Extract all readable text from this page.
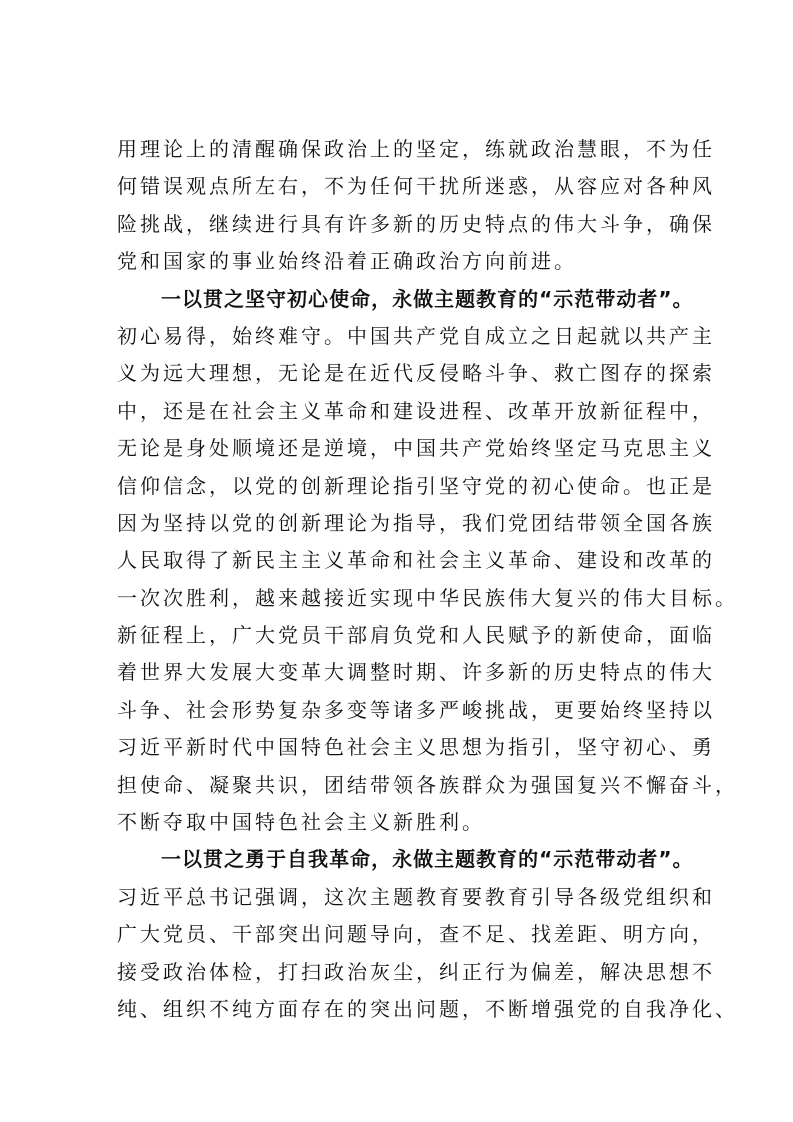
用理论上的清醒确保政治上的坚定，练就政治慧眼，不为任
何错误观点所左右，不为任何干扰所迷惑，从容应对各种风
险挑战，继续进行具有许多新的历史特点的伟大斗争，确保
党和国家的事业始终沿着正确政治方向前进。
一以贯之坚守初心使命，永做主题教育的“示范带动者”。
初心易得，始终难守。中国共产党自成立之日起就以共产主
义为远大理想，无论是在近代反侵略斗争、救亡图存的探索
中，还是在社会主义革命和建设进程、改革开放新征程中，
无论是身处顺境还是逆境，中国共产党始终坚定马克思主义
信仰信念，以党的创新理论指引坚守党的初心使命。也正是
因为坚持以党的创新理论为指导，我们党团结带领全国各族
人民取得了新民主主义革命和社会主义革命、建设和改革的
一次次胜利，越来越接近实现中华民族伟大复兴的伟大目标。
新征程上，广大党员干部肩负党和人民赋予的新使命，面临
着世界大发展大变革大调整时期、许多新的历史特点的伟大
斗争、社会形势复杂多变等诸多严峻挑战，更要始终坚持以
习近平新时代中国特色社会主义思想为指引，坚守初心、勇
担使命、凝聚共识，团结带领各族群众为强国复兴不懈奋斗，
不断夺取中国特色社会主义新胜利。
一以贯之勇于自我革命，永做主题教育的“示范带动者”。
习近平总书记强调，这次主题教育要教育引导各级党组织和
广大党员、干部突出问题导向，查不足、找差距、明方向，
接受政治体检，打扫政治灰尘，纠正行为偏差，解决思想不
纯、组织不纯方面存在的突出问题，不断增强党的自我净化、
